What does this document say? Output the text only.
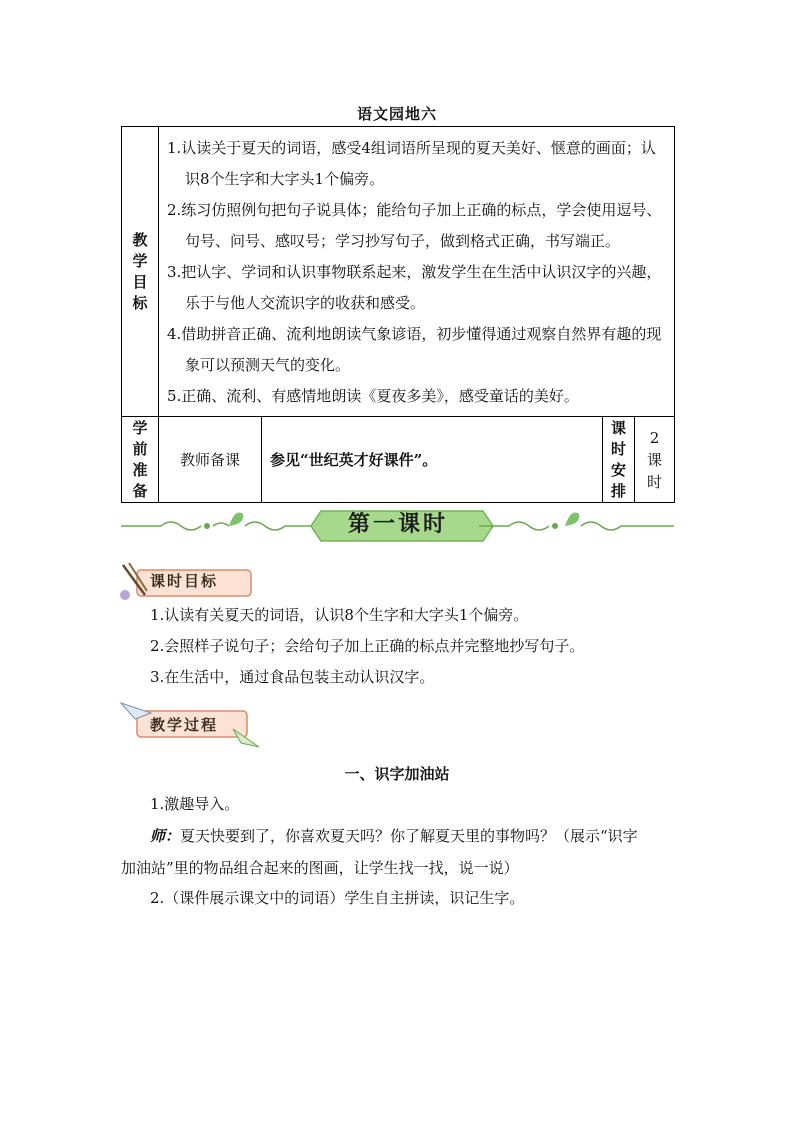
语文园地六
教学目标	1.认读关于夏天的词语，感受4组词语所呈现的夏天美好、惬意的画面；认识8个生字和大字头1个偏旁。
2.练习仿照例句把句子说具体；能给句子加上正确的标点，学会使用逗号、句号、问号、感叹号；学习抄写句子，做到格式正确，书写端正。
3.把认字、学词和认识事物联系起来，激发学生在生活中认识汉字的兴趣，乐于与他人交流识字的收获和感受。
4.借助拼音正确、流利地朗读气象谚语，初步懂得通过观察自然界有趣的现象可以预测天气的变化。
5.正确、流利、有感情地朗读《夏夜多美》，感受童话的美好。			

学前准备	教师备课	参见“世纪英才好课件”。	课时安排	2课时
第一课时
课时目标
1.认读有关夏天的词语，认识8个生字和大字头1个偏旁。
2.会照样子说句子；会给句子加上正确的标点并完整地抄写句子。
3.在生活中，通过食品包装主动认识汉字。
教学过程
一、识字加油站
1.激趣导入。
师：夏天快要到了，你喜欢夏天吗？你了解夏天里的事物吗？（展示“识字
加油站”里的物品组合起来的图画，让学生找一找，说一说）
2.（课件展示课文中的词语）学生自主拼读，识记生字。
